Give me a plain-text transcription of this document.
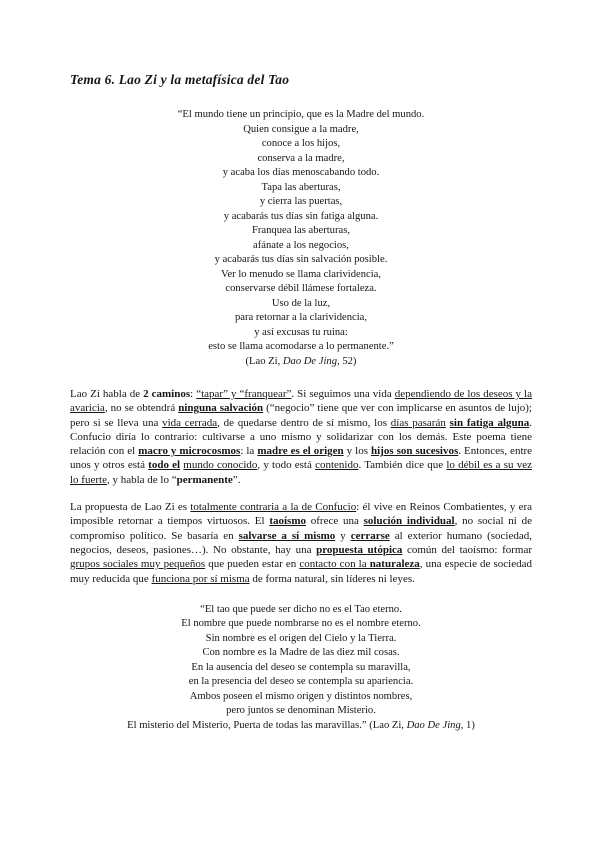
Tema 6. Lao Zi y la metafísica del Tao
“El mundo tiene un principio, que es la Madre del mundo.
Quien consigue a la madre,
conoce a los hijos,
conserva a la madre,
y acaba los días menoscabando todo.
Tapa las aberturas,
y cierra las puertas,
y acabarás tus días sin fatiga alguna.
Franquea las aberturas,
afánate a los negocios,
y acabarás tus días sin salvación posible.
Ver lo menudo se llama clarividencia,
conservarse débil llámese fortaleza.
Uso de la luz,
para retornar a la clarividencia,
y así excusas tu ruina:
esto se llama acomodarse a lo permanente.”
(Lao Zi, Dao De Jing, 52)

Lao Zi habla de 2 caminos: “tapar” y “franquear”. Si seguimos una vida dependiendo de los deseos y la avaricia, no se obtendrá ninguna salvación (“negocio” tiene que ver con implicarse en asuntos de lujo); pero si se lleva una vida cerrada, de quedarse dentro de sí mismo, los días pasarán sin fatiga alguna. Confucio diría lo contrario: cultivarse a uno mismo y solidarizar con los demás. Este poema tiene relación con el macro y microcosmos: la madre es el origen y los hijos son sucesivos. Entonces, entre unos y otros está todo el mundo conocido, y todo está contenido. También dice que lo débil es a su vez lo fuerte, y habla de lo “permanente”.

La propuesta de Lao Zi es totalmente contraria a la de Confucio: él vive en Reinos Combatientes, y era imposible retornar a tiempos virtuosos. El taoísmo ofrece una solución individual, no social ni de compromiso político. Se basaría en salvarse a sí mismo y cerrarse al exterior humano (sociedad, negocios, deseos, pasiones…). No obstante, hay una propuesta utópica común del taoísmo: formar grupos sociales muy pequeños que pueden estar en contacto con la naturaleza, una especie de sociedad muy reducida que funciona por sí misma de forma natural, sin líderes ni leyes.

“El tao que puede ser dicho no es el Tao eterno.
El nombre que puede nombrarse no es el nombre eterno.
Sin nombre es el origen del Cielo y la Tierra.
Con nombre es la Madre de las diez mil cosas.
En la ausencia del deseo se contempla su maravilla,
en la presencia del deseo se contempla su apariencia.
Ambos poseen el mismo origen y distintos nombres,
pero juntos se denominan Misterio.
El misterio del Misterio, Puerta de todas las maravillas.” (Lao Zi, Dao De Jing, 1)
